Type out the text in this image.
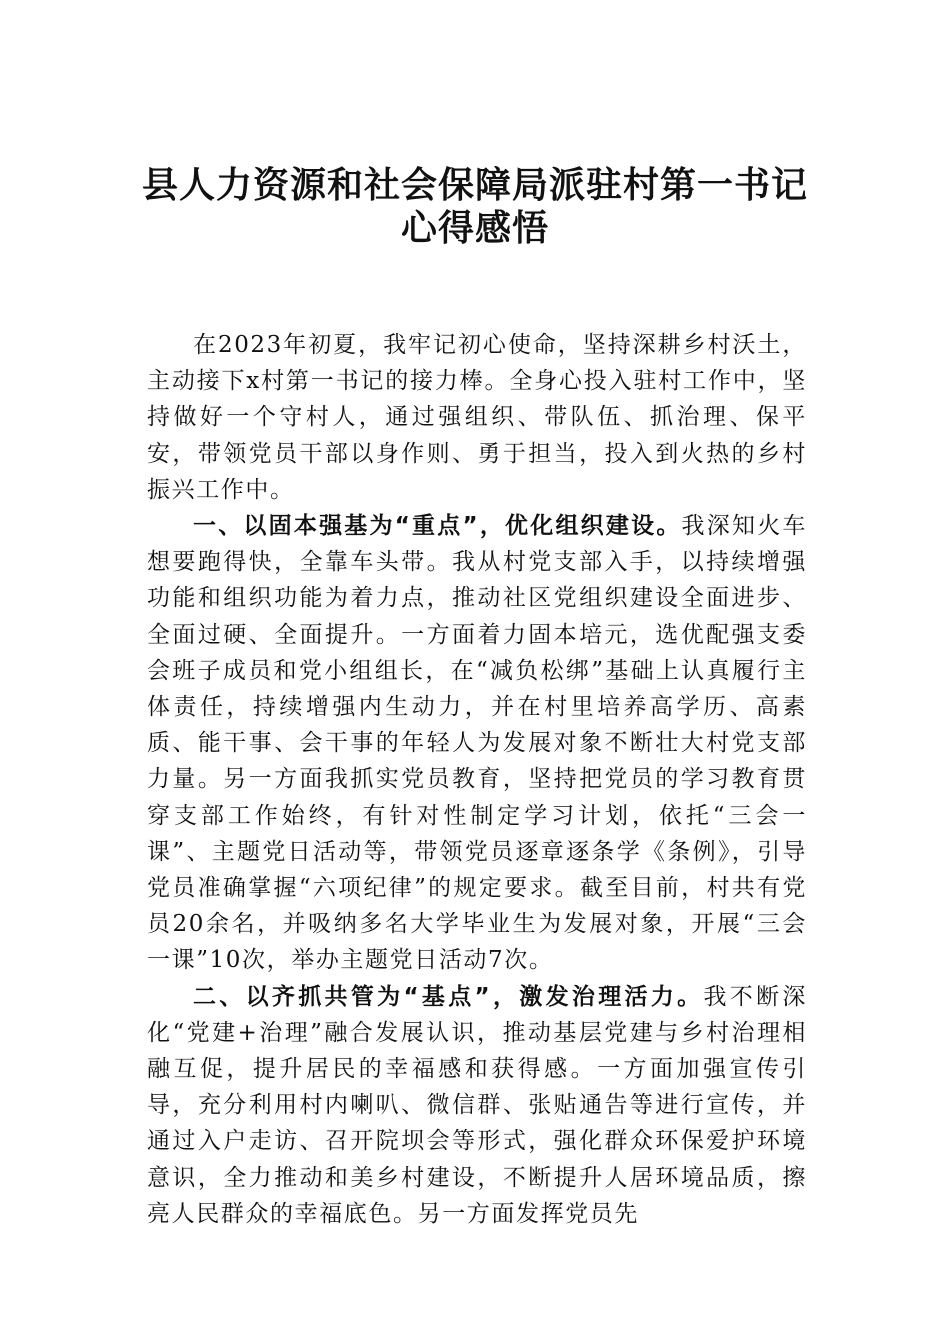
县人力资源和社会保障局派驻村第一书记
心得感悟

在2023年初夏，我牢记初心使命，坚持深耕乡村沃土，主动接下x村第一书记的接力棒。全身心投入驻村工作中，坚持做好一个守村人，通过强组织、带队伍、抓治理、保平安，带领党员干部以身作则、勇于担当，投入到火热的乡村振兴工作中。

一、以固本强基为“重点”，优化组织建设。我深知火车想要跑得快，全靠车头带。我从村党支部入手，以持续增强功能和组织功能为着力点，推动社区党组织建设全面进步、全面过硬、全面提升。一方面着力固本培元，选优配强支委会班子成员和党小组组长，在“减负松绑”基础上认真履行主体责任，持续增强内生动力，并在村里培养高学历、高素质、能干事、会干事的年轻人为发展对象不断壮大村党支部力量。另一方面我抓实党员教育，坚持把党员的学习教育贯穿支部工作始终，有针对性制定学习计划，依托“三会一课”、主题党日活动等，带领党员逐章逐条学《条例》，引导党员准确掌握“六项纪律”的规定要求。截至目前，村共有党员20余名，并吸纳多名大学毕业生为发展对象，开展“三会一课”10次，举办主题党日活动7次。

二、以齐抓共管为“基点”，激发治理活力。我不断深化“党建+治理”融合发展认识，推动基层党建与乡村治理相融互促，提升居民的幸福感和获得感。一方面加强宣传引导，充分利用村内喇叭、微信群、张贴通告等进行宣传，并通过入户走访、召开院坝会等形式，强化群众环保爱护环境意识，全力推动和美乡村建设，不断提升人居环境品质，擦亮人民群众的幸福底色。另一方面发挥党员先
